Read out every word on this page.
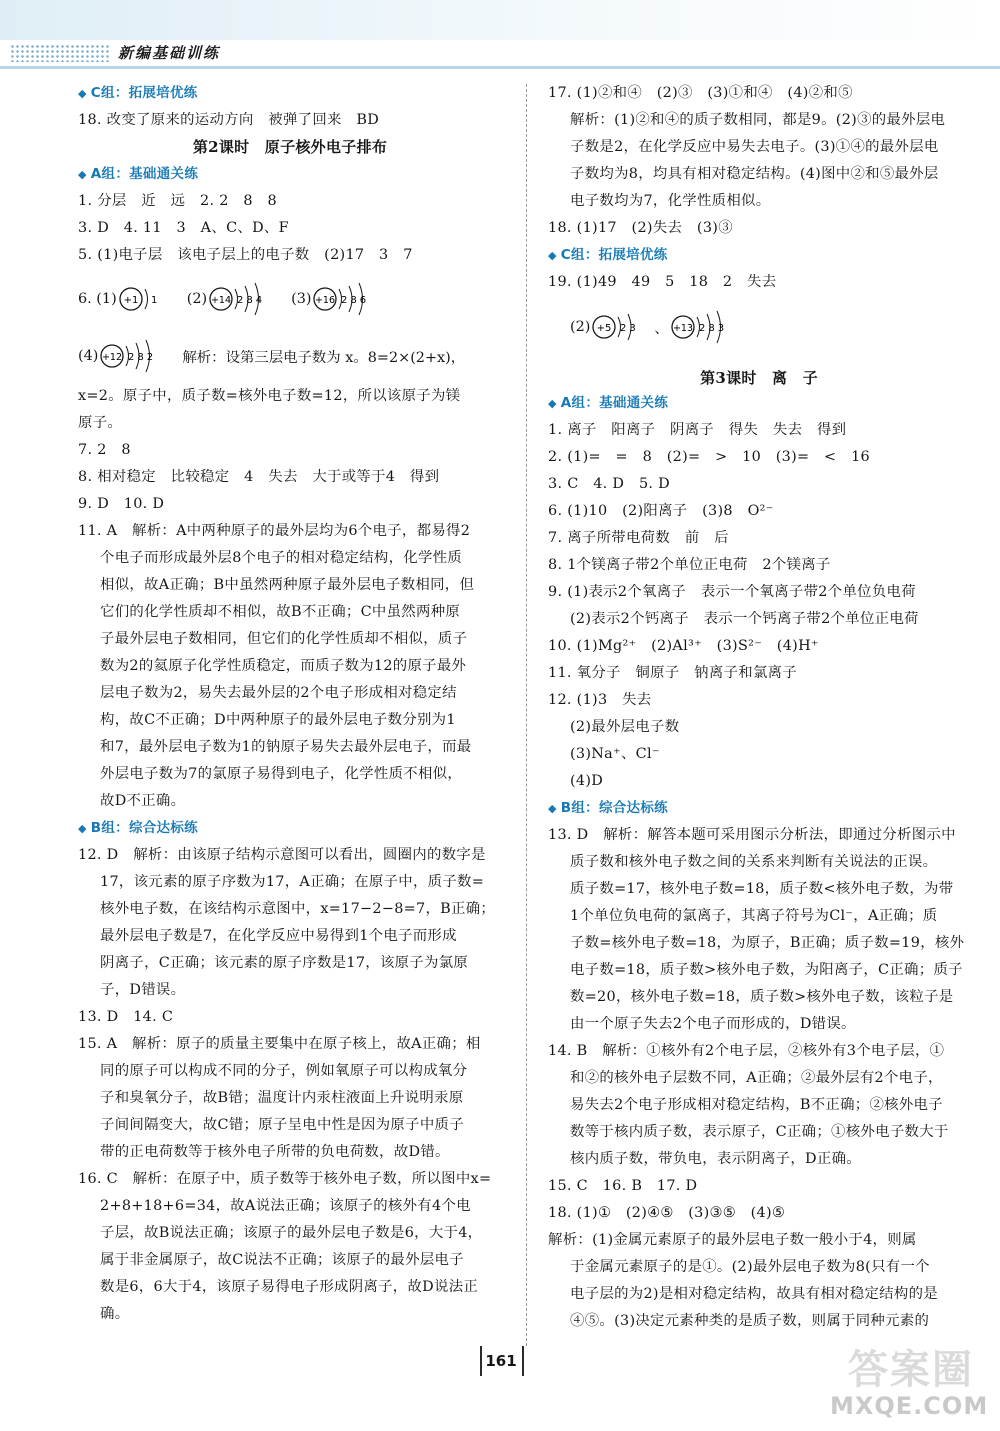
新编基础训练
◆ C组：拓展培优练
18. 改变了原来的运动方向　被弹了回来　BD
第2课时　原子核外电子排布
◆ A组：基础通关练
1. 分层　近　远　2. 2　8　8
3. D　4. 11　3　A、C、D、F
5. (1)电子层　该电子层上的电子数　(2)17　3　7
6. (1) +1 1 (2) +14 284 (3) +16 286
(4) +12 282 解析：设第三层电子数为 x。8=2×(2+x)，
x=2。原子中，质子数=核外电子数=12，所以该原子为镁
原子。
7. 2　8
8. 相对稳定　比较稳定　4　失去　大于或等于4　得到
9. D　10. D
11. A　解析：A中两种原子的最外层均为6个电子，都易得2
个电子而形成最外层8个电子的相对稳定结构，化学性质
相似，故A正确；B中虽然两种原子最外层电子数相同，但
它们的化学性质却不相似，故B不正确；C中虽然两种原
子最外层电子数相同，但它们的化学性质却不相似，质子
数为2的氦原子化学性质稳定，而质子数为12的原子最外
层电子数为2，易失去最外层的2个电子形成相对稳定结
构，故C不正确；D中两种原子的最外层电子数分别为1
和7，最外层电子数为1的钠原子易失去最外层电子，而最
外层电子数为7的氯原子易得到电子，化学性质不相似，
故D不正确。
◆ B组：综合达标练
12. D　解析：由该原子结构示意图可以看出，圆圈内的数字是
17，该元素的原子序数为17，A正确；在原子中，质子数=
核外电子数，在该结构示意图中，x=17−2−8=7，B正确；
最外层电子数是7，在化学反应中易得到1个电子而形成
阴离子，C正确；该元素的原子序数是17，该原子为氯原
子，D错误。
13. D　14. C
15. A　解析：原子的质量主要集中在原子核上，故A正确；相
同的原子可以构成不同的分子，例如氧原子可以构成氧分
子和臭氧分子，故B错；温度计内汞柱液面上升说明汞原
子间间隔变大，故C错；原子呈电中性是因为原子中质子
带的正电荷数等于核外电子所带的负电荷数，故D错。
16. C　解析：在原子中，质子数等于核外电子数，所以图中x=
2+8+18+6=34，故A说法正确；该原子的核外有4个电
子层，故B说法正确；该原子的最外层电子数是6，大于4，
属于非金属原子，故C说法不正确；该原子的最外层电子
数是6，6大于4，该原子易得电子形成阴离子，故D说法正
确。
17. (1)②和④　(2)③　(3)①和④　(4)②和⑤
解析：(1)②和④的质子数相同，都是9。(2)③的最外层电
子数是2，在化学反应中易失去电子。(3)①④的最外层电
子数均为8，均具有相对稳定结构。(4)图中②和⑤最外层
电子数均为7，化学性质相似。
18. (1)17　(2)失去　(3)③
◆ C组：拓展培优练
19. (1)49　49　5　18　2　失去
(2) +5 23 、 +13 283
第3课时　离　子
◆ A组：基础通关练
1. 离子　阳离子　阴离子　得失　失去　得到
2. (1)=　=　8　(2)=　>　10　(3)=　<　16
3. C　4. D　5. D
6. (1)10　(2)阳离子　(3)8　O²⁻
7. 离子所带电荷数　前　后
8. 1个镁离子带2个单位正电荷　2个镁离子
9. (1)表示2个氧离子　表示一个氧离子带2个单位负电荷
(2)表示2个钙离子　表示一个钙离子带2个单位正电荷
10. (1)Mg²⁺　(2)Al³⁺　(3)S²⁻　(4)H⁺
11. 氧分子　铜原子　钠离子和氯离子
12. (1)3　失去
(2)最外层电子数
(3)Na⁺、Cl⁻
(4)D
◆ B组：综合达标练
13. D　解析：解答本题可采用图示分析法，即通过分析图示中
质子数和核外电子数之间的关系来判断有关说法的正误。
质子数=17，核外电子数=18，质子数<核外电子数，为带
1个单位负电荷的氯离子，其离子符号为Cl⁻，A正确；质
子数=核外电子数=18，为原子，B正确；质子数=19，核外
电子数=18，质子数>核外电子数，为阳离子，C正确；质子
数=20，核外电子数=18，质子数>核外电子数，该粒子是
由一个原子失去2个电子而形成的，D错误。
14. B　解析：①核外有2个电子层，②核外有3个电子层，①
和②的核外电子层数不同，A正确；②最外层有2个电子，
易失去2个电子形成相对稳定结构，B不正确；②核外电子
数等于核内质子数，表示原子，C正确；①核外电子数大于
核内质子数，带负电，表示阴离子，D正确。
15. C　16. B　17. D
18. (1)①　(2)④⑤　(3)③⑤　(4)⑤
解析：(1)金属元素原子的最外层电子数一般小于4，则属
于金属元素原子的是①。(2)最外层电子数为8(只有一个
电子层的为2)是相对稳定结构，故具有相对稳定结构的是
④⑤。(3)决定元素种类的是质子数，则属于同种元素的
161	答案圈
MXQE.COM
